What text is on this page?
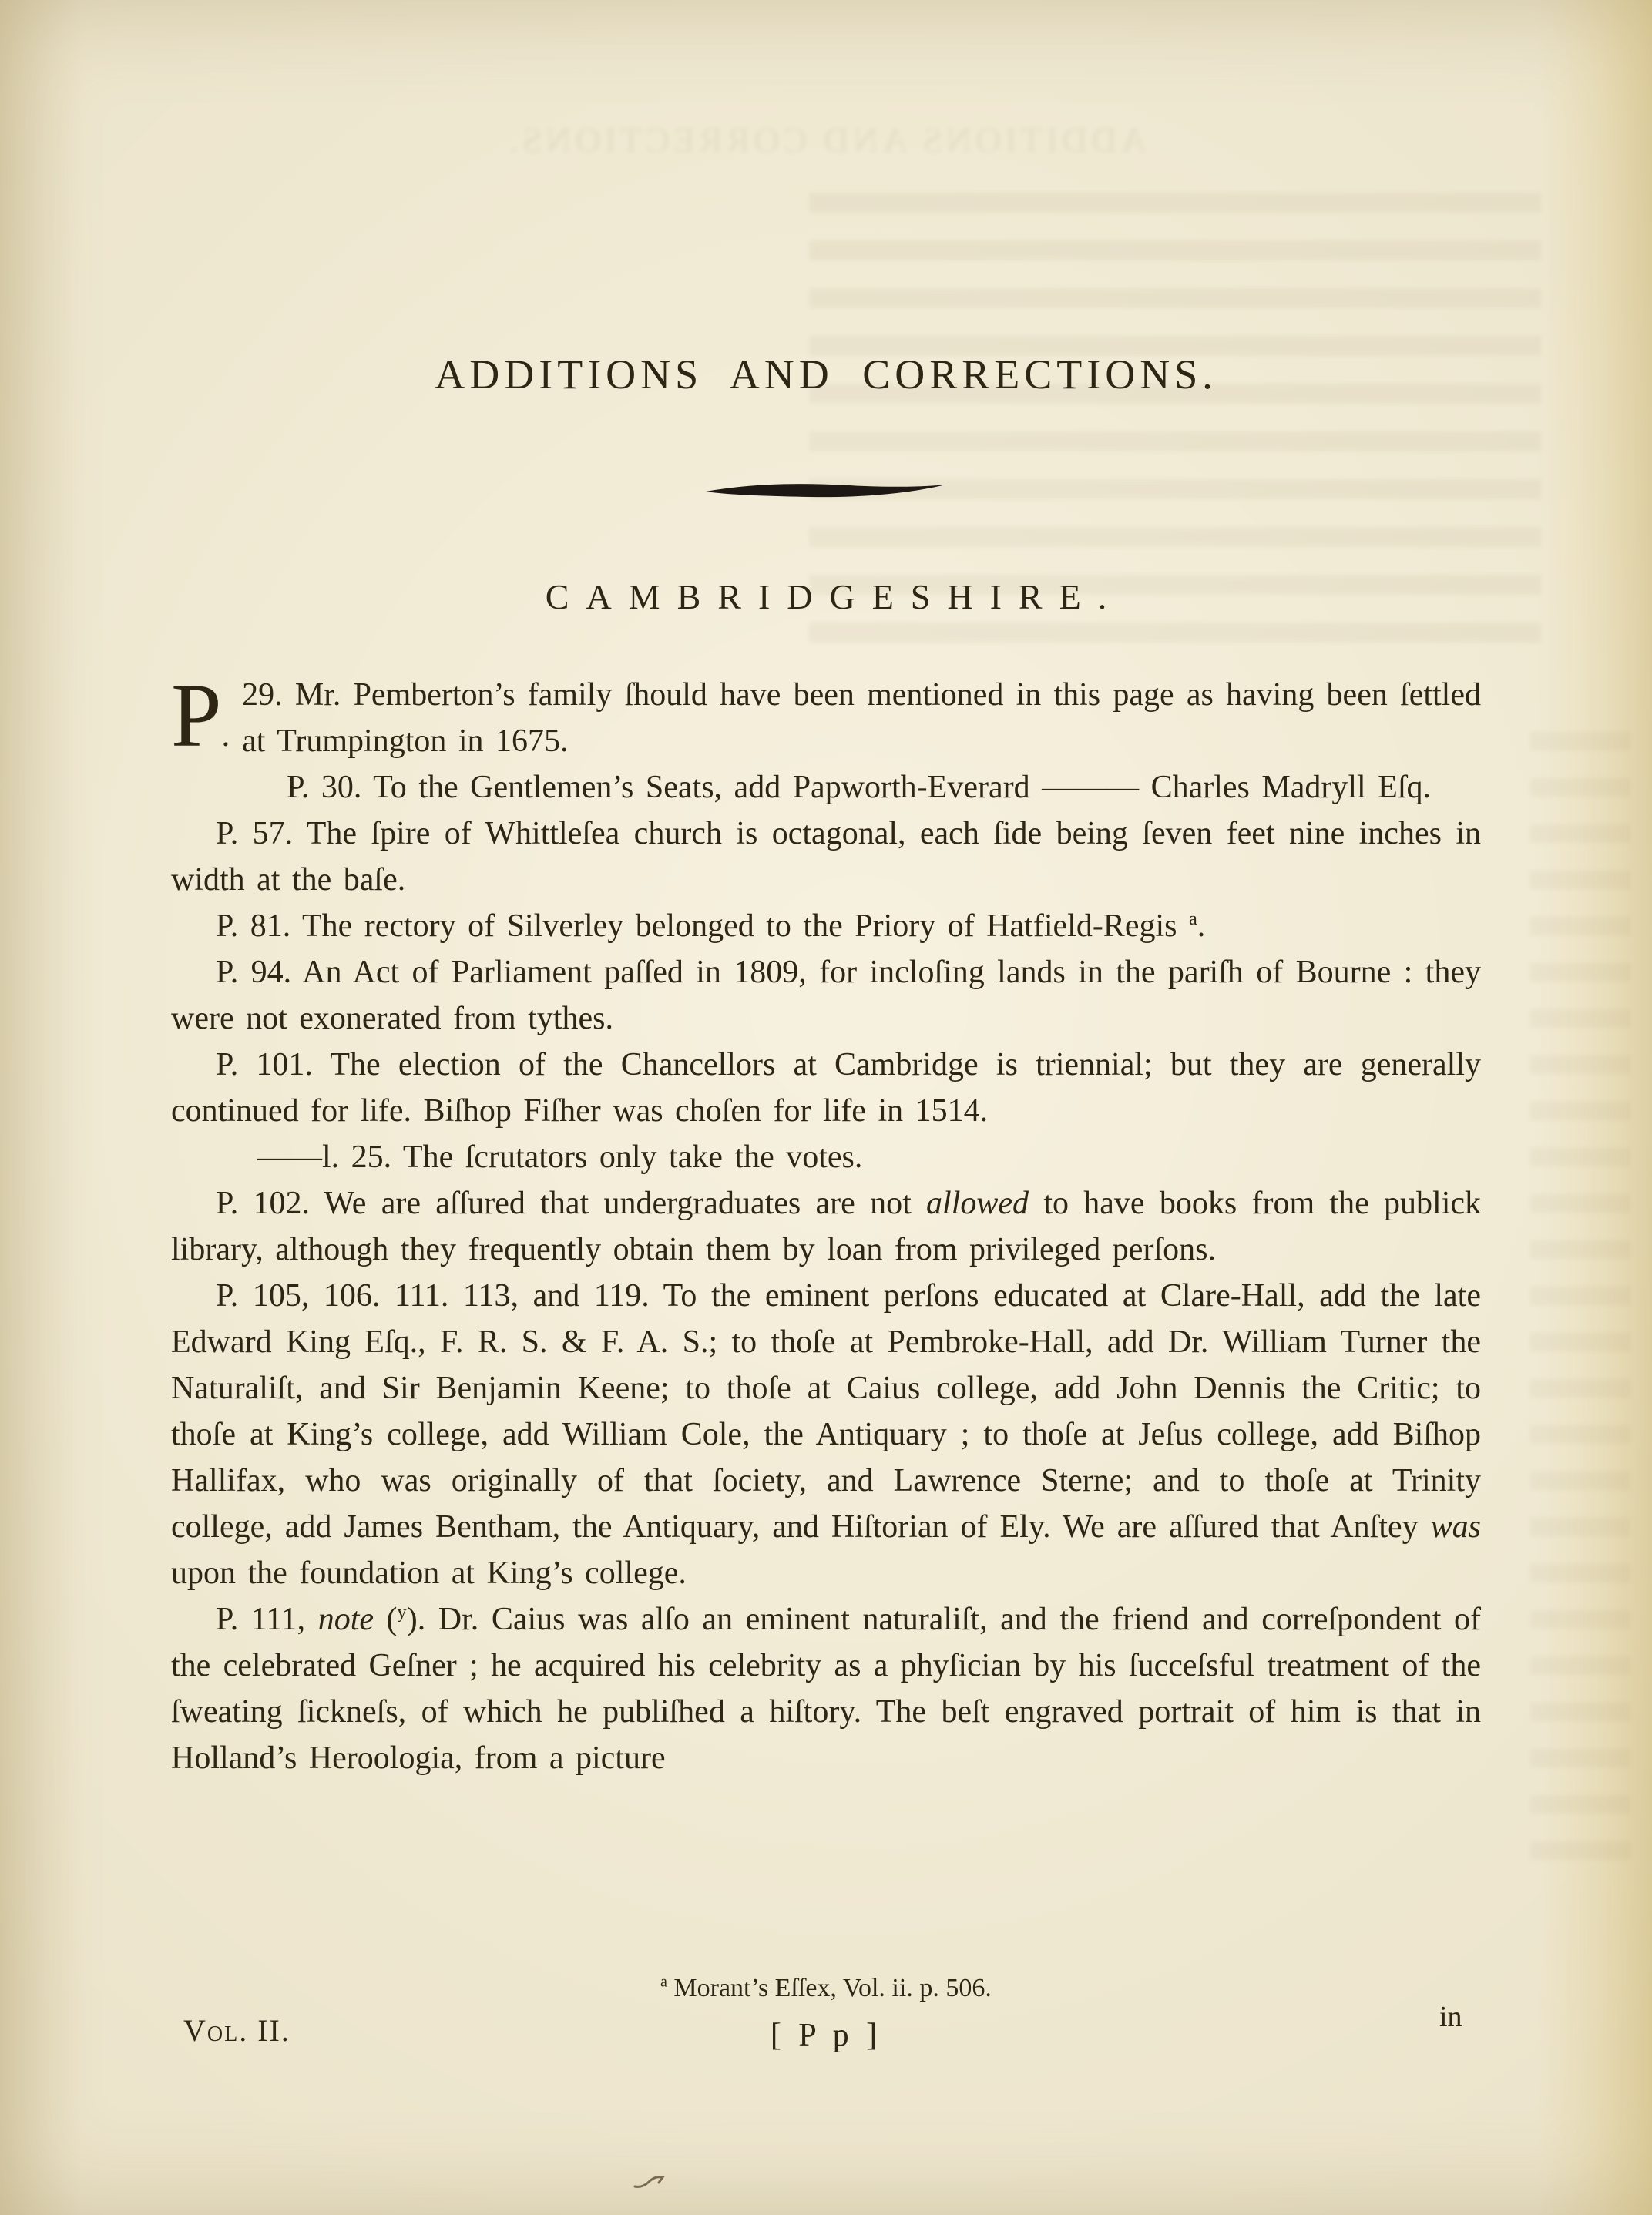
ADDITIONS AND CORRECTIONS.
ADDITIONS AND CORRECTIONS.
CAMBRIDGESHIRE.

P.
29. Mr. Pemberton’s family ſhould have been mentioned in this page as having been ſettled at Trumpington in 1675.

P. 30. To the Gentlemen’s Seats, add Papworth-Everard ——— Charles Madryll Eſq.

P. 57. The ſpire of Whittleſea church is octagonal, each ſide being ſeven feet nine inches in width at the baſe.

P. 81. The rectory of Silverley belonged to the Priory of Hatfield-Regis $^a$.

P. 94. An Act of Parliament paſſed in 1809, for incloſing lands in the pariſh of Bourne : they were not exonerated from tythes.

P. 101. The election of the Chancellors at Cambridge is triennial; but they are generally continued for life. Biſhop Fiſher was choſen for life in 1514.

——l. 25. The ſcrutators only take the votes.

P. 102. We are aſſured that undergraduates are not allowed to have books from the publick library, although they frequently obtain them by loan from privileged perſons.

P. 105, 106. 111. 113, and 119. To the eminent perſons educated at Clare-Hall, add the late Edward King Eſq., F. R. S. & F. A. S.; to thoſe at Pembroke-Hall, add Dr. William Turner the Naturaliſt, and Sir Benjamin Keene; to thoſe at Caius college, add John Dennis the Critic; to thoſe at King’s college, add William Cole, the Antiquary ; to thoſe at Jeſus college, add Biſhop Hallifax, who was originally of that ſociety, and Lawrence Sterne; and to thoſe at Trinity college, add James Bentham, the Antiquary, and Hiſtorian of Ely. We are aſſured that Anſtey was upon the foundation at King’s college.

P. 111, note ($^y$). Dr. Caius was alſo an eminent naturaliſt, and the friend and correſpondent of the celebrated Geſner ; he acquired his celebrity as a phyſician by his ſucceſsful treatment of the ſweating ſickneſs, of which he publiſhed a hiſtory. The beſt engraved portrait of him is that in Holland’s Heroologia, from a picture

$^a$ Morant’s Eſſex, Vol. ii. p. 506.
Vol. II.	[ P p ]
in
